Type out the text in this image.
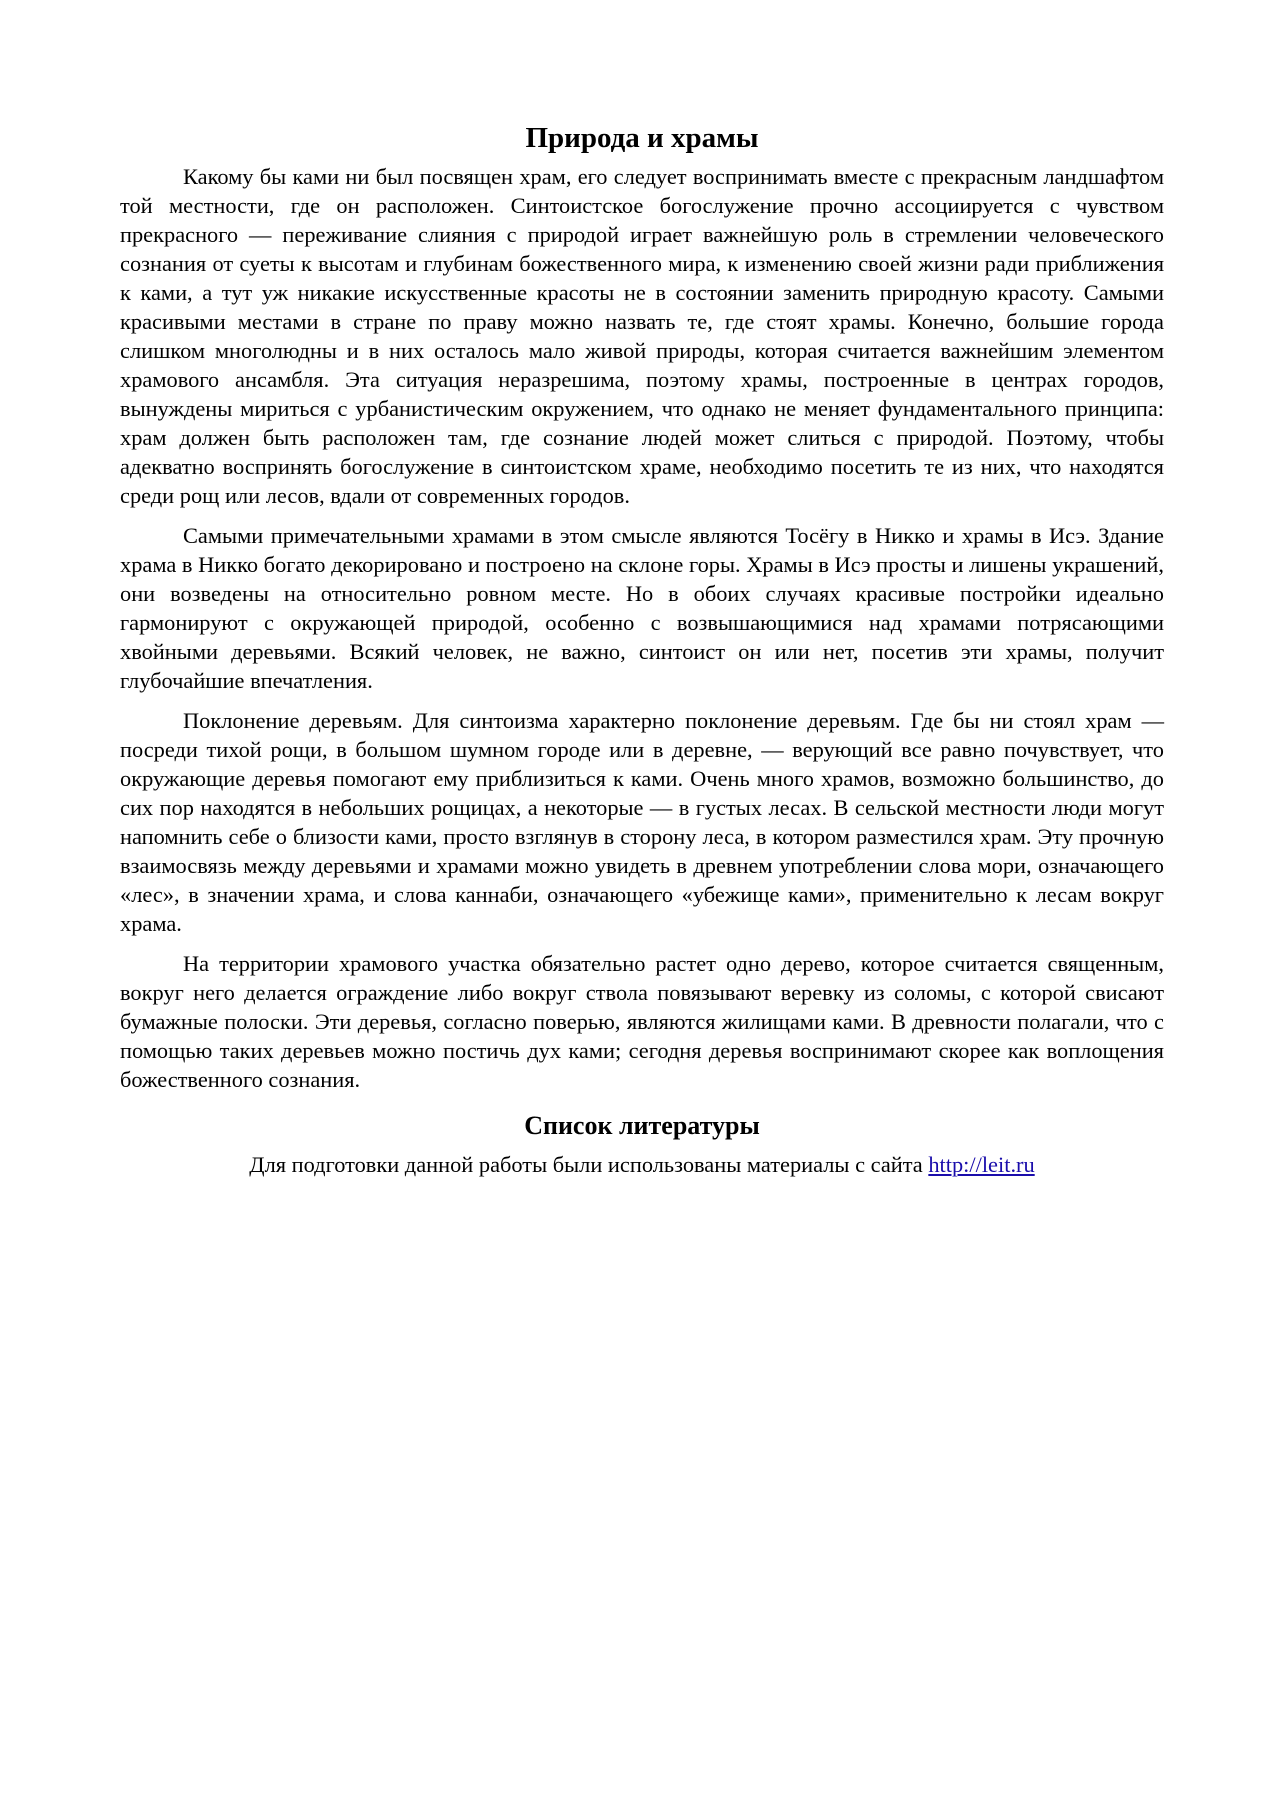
Природа и храмы

Какому бы ками ни был посвящен храм, его следует воспринимать вместе с прекрасным ландшафтом той местности, где он расположен. Синтоистское богослужение прочно ассоциируется с чувством прекрасного — переживание слияния с природой играет важнейшую роль в стремлении человеческого сознания от суеты к высотам и глубинам божественного мира, к изменению своей жизни ради приближения к ками, а тут уж никакие искусственные красоты не в состоянии заменить природную красоту. Самыми красивыми местами в стране по праву можно назвать те, где стоят храмы. Конечно, большие города слишком многолюдны и в них осталось мало живой природы, которая считается важнейшим элементом храмового ансамбля. Эта ситуация неразрешима, поэтому храмы, построенные в центрах городов, вынуждены мириться с урбанистическим окружением, что однако не меняет фундаментального принципа: храм должен быть расположен там, где сознание людей может слиться с природой. Поэтому, чтобы адекватно воспринять богослужение в синтоистском храме, необходимо посетить те из них, что находятся среди рощ или лесов, вдали от современных городов.

Самыми примечательными храмами в этом смысле являются Тосёгу в Никко и храмы в Исэ. Здание храма в Никко богато декорировано и построено на склоне горы. Храмы в Исэ просты и лишены украшений, они возведены на относительно ровном месте. Но в обоих случаях красивые постройки идеально гармонируют с окружающей природой, особенно с возвышающимися над храмами потрясающими хвойными деревьями. Всякий человек, не важно, синтоист он или нет, посетив эти храмы, получит глубочайшие впечатления.

Поклонение деревьям. Для синтоизма характерно поклонение деревьям. Где бы ни стоял храм — посреди тихой рощи, в большом шумном городе или в деревне, — верующий все равно почувствует, что окружающие деревья помогают ему приблизиться к ками. Очень много храмов, возможно большинство, до сих пор находятся в небольших рощицах, а некоторые — в густых лесах. В сельской местности люди могут напомнить себе о близости ками, просто взглянув в сторону леса, в котором разместился храм. Эту прочную взаимосвязь между деревьями и храмами можно увидеть в древнем употреблении слова мори, означающего «лес», в значении храма, и слова каннаби, означающего «убежище ками», применительно к лесам вокруг храма.

На территории храмового участка обязательно растет одно дерево, которое считается священным, вокруг него делается ограждение либо вокруг ствола повязывают веревку из соломы, с которой свисают бумажные полоски. Эти деревья, согласно поверью, являются жилищами ками. В древности полагали, что с помощью таких деревьев можно постичь дух ками; сегодня деревья воспринимают скорее как воплощения божественного сознания.

Список литературы

Для подготовки данной работы были использованы материалы с сайта http://leit.ru
